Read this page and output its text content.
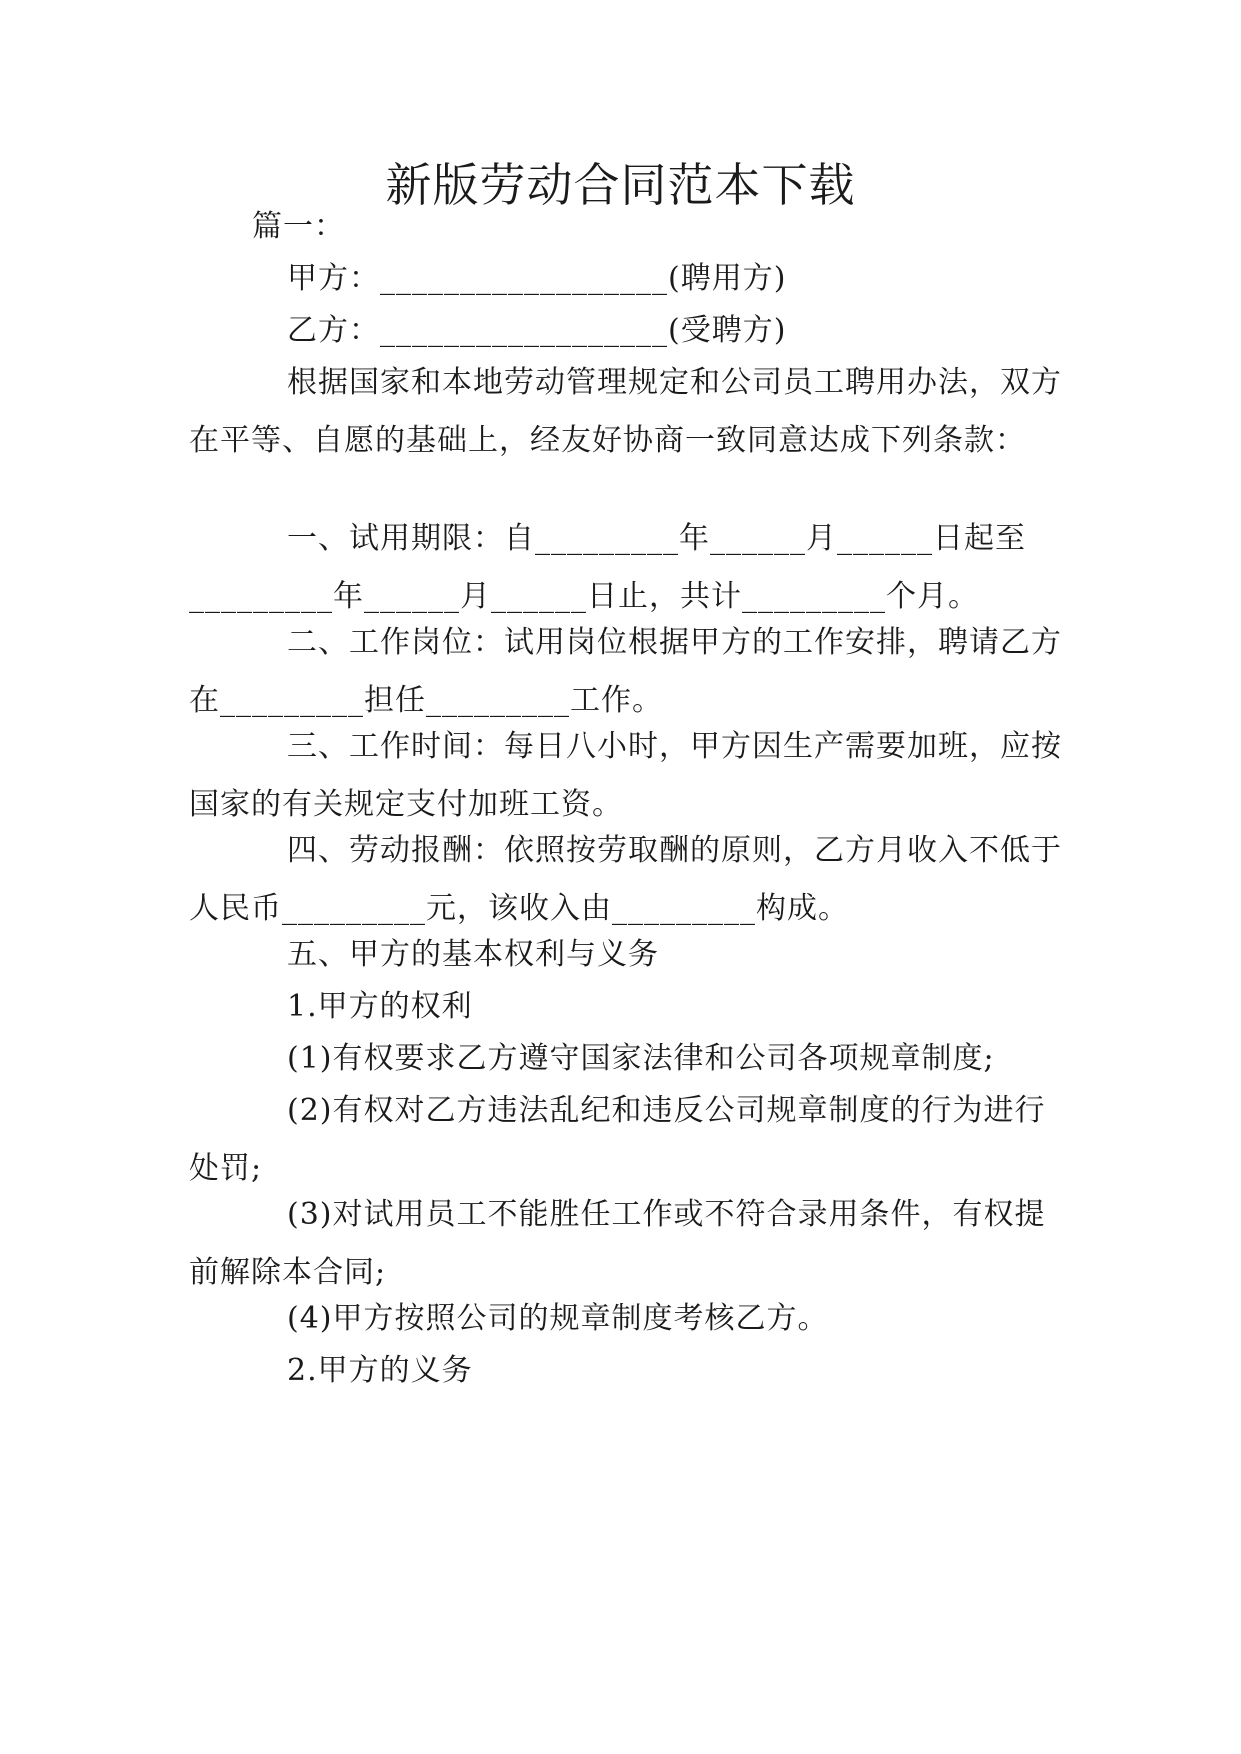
新版劳动合同范本下载
篇一：
甲方：__________________(聘用方)
乙方：__________________(受聘方)
根据国家和本地劳动管理规定和公司员工聘用办法，双方在平等、自愿的基础上，经友好协商一致同意达成下列条款：
一、试用期限：自_________年______月______日起至_________年______月______日止，共计_________个月。
二、工作岗位：试用岗位根据甲方的工作安排，聘请乙方在_________担任_________工作。
三、工作时间：每日八小时，甲方因生产需要加班，应按国家的有关规定支付加班工资。
四、劳动报酬：依照按劳取酬的原则，乙方月收入不低于人民币_________元，该收入由_________构成。
五、甲方的基本权利与义务
1.甲方的权利
(1)有权要求乙方遵守国家法律和公司各项规章制度;
(2)有权对乙方违法乱纪和违反公司规章制度的行为进行处罚;
(3)对试用员工不能胜任工作或不符合录用条件，有权提前解除本合同;
(4)甲方按照公司的规章制度考核乙方。
2.甲方的义务
